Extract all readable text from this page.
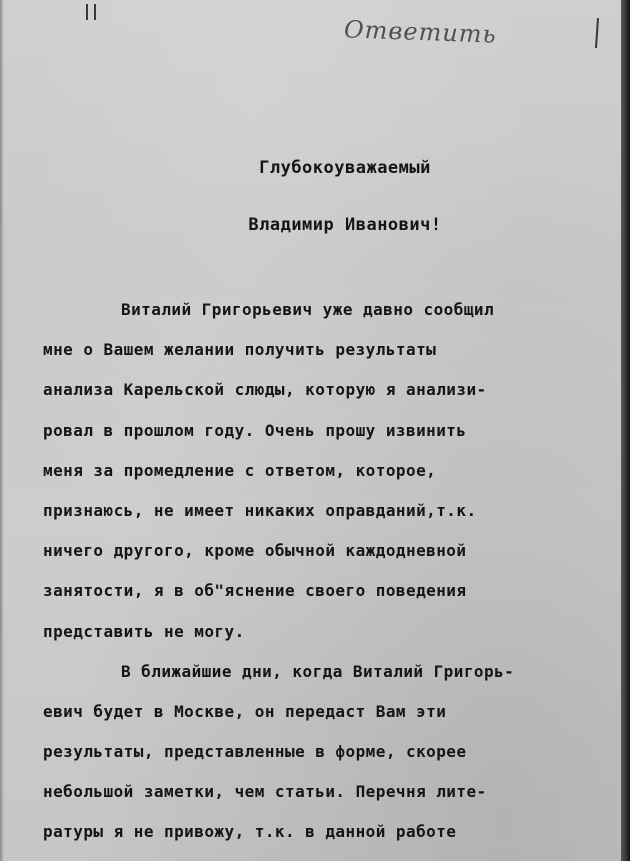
Ответить
Глубокоуважаемый
Владимир Иванович!
Виталий Григорьевич уже давно сообщил
мне о Вашем желании получить результаты
анализа Карельской слюды, которую я анализи-
ровал в прошлом году. Очень прошу извинить
меня за промедление с ответом, которое,
признаюсь, не имеет никаких оправданий,т.к.
ничего другого, кроме обычной каждодневной
занятости, я в об"яснение своего поведения
представить не могу.
В ближайшие дни, когда Виталий Григорь-
евич будет в Москве, он передаст Вам эти
результаты, представленные в форме, скорее
небольшой заметки, чем статьи. Перечня лите-
ратуры я не привожу, т.к. в данной работе
